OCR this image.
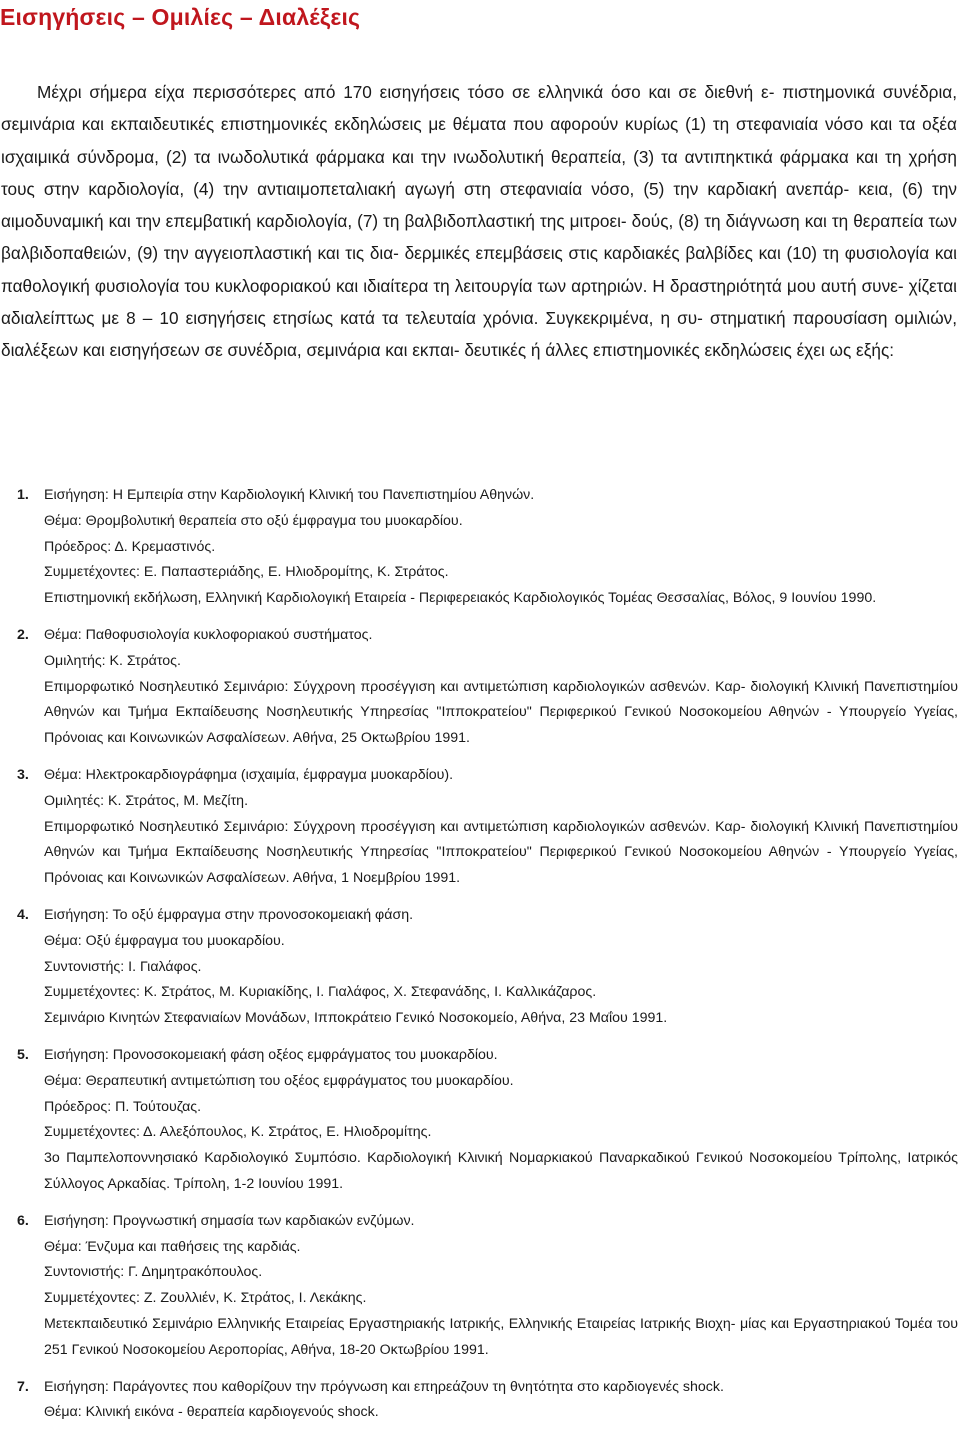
Εισηγήσεις – Ομιλίες – Διαλέξεις

Μέχρι σήμερα είχα περισσότερες από 170 εισηγήσεις τόσο σε ελληνικά όσο και σε διεθνή ε- πιστημονικά συνέδρια, σεμινάρια και εκπαιδευτικές επιστημονικές εκδηλώσεις με θέματα που αφορούν κυρίως (1) τη στεφανιαία νόσο και τα οξέα ισχαιμικά σύνδρομα, (2) τα ινωδολυτικά φάρμακα και την ινωδολυτική θεραπεία, (3) τα αντιπηκτικά φάρμακα και τη χρήση τους στην καρδιολογία, (4) την αντιαιμοπεταλιακή αγωγή στη στεφανιαία νόσο, (5) την καρδιακή ανεπάρ- κεια, (6) την αιμοδυναμική και την επεμβατική καρδιολογία, (7) τη βαλβιδοπλαστική της μιτροει- δούς, (8) τη διάγνωση και τη θεραπεία των βαλβιδοπαθειών, (9) την αγγειοπλαστική και τις δια- δερμικές επεμβάσεις στις καρδιακές βαλβίδες και (10) τη φυσιολογία και παθολογική φυσιολογία του κυκλοφοριακού και ιδιαίτερα τη λειτουργία των αρτηριών. Η δραστηριότητά μου αυτή συνε- χίζεται αδιαλείπτως με 8 – 10 εισηγήσεις ετησίως κατά τα τελευταία χρόνια. Συγκεκριμένα, η συ- στηματική παρουσίαση ομιλιών, διαλέξεων και εισηγήσεων σε συνέδρια, σεμινάρια και εκπαι- δευτικές ή άλλες επιστημονικές εκδηλώσεις έχει ως εξής:

1. Εισήγηση: Η Εμπειρία στην Καρδιολογική Κλινική του Πανεπιστημίου Αθηνών.
Θέμα: Θρομβολυτική θεραπεία στο οξύ έμφραγμα του μυοκαρδίου.
Πρόεδρος: Δ. Κρεμαστινός.
Συμμετέχοντες: Ε. Παπαστεριάδης, Ε. Ηλιοδρομίτης, Κ. Στράτος.
Επιστημονική εκδήλωση, Ελληνική Καρδιολογική Εταιρεία - Περιφερειακός Καρδιολογικός Τομέας Θεσσαλίας, Βόλος, 9 Ιουνίου 1990.
2. Θέμα: Παθοφυσιολογία κυκλοφοριακού συστήματος.
Ομιλητής: Κ. Στράτος.
Επιμορφωτικό Νοσηλευτικό Σεμινάριο: Σύγχρονη προσέγγιση και αντιμετώπιση καρδιολογικών ασθενών. Καρ- διολογική Κλινική Πανεπιστημίου Αθηνών και Τμήμα Εκπαίδευσης Νοσηλευτικής Υπηρεσίας "Ιπποκρατείου" Περιφερικού Γενικού Νοσοκομείου Αθηνών - Υπουργείο Υγείας, Πρόνοιας και Κοινωνικών Ασφαλίσεων. Αθήνα, 25 Οκτωβρίου 1991.
3. Θέμα: Ηλεκτροκαρδιογράφημα (ισχαιμία, έμφραγμα μυοκαρδίου).
Ομιλητές: Κ. Στράτος, Μ. Μεζίτη.
Επιμορφωτικό Νοσηλευτικό Σεμινάριο: Σύγχρονη προσέγγιση και αντιμετώπιση καρδιολογικών ασθενών. Καρ- διολογική Κλινική Πανεπιστημίου Αθηνών και Τμήμα Εκπαίδευσης Νοσηλευτικής Υπηρεσίας "Ιπποκρατείου" Περιφερικού Γενικού Νοσοκομείου Αθηνών - Υπουργείο Υγείας, Πρόνοιας και Κοινωνικών Ασφαλίσεων. Αθήνα, 1 Νοεμβρίου 1991.
4. Εισήγηση: Το οξύ έμφραγμα στην προνοσοκομειακή φάση.
Θέμα: Οξύ έμφραγμα του μυοκαρδίου.
Συντονιστής: Ι. Γιαλάφος.
Συμμετέχοντες: Κ. Στράτος, Μ. Κυριακίδης, Ι. Γιαλάφος, Χ. Στεφανάδης, Ι. Καλλικάζαρος.
Σεμινάριο Κινητών Στεφανιαίων Μονάδων, Ιπποκράτειο Γενικό Νοσοκομείο, Αθήνα, 23 Μαΐου 1991.
5. Εισήγηση: Προνοσοκομειακή φάση οξέος εμφράγματος του μυοκαρδίου.
Θέμα: Θεραπευτική αντιμετώπιση του οξέος εμφράγματος του μυοκαρδίου.
Πρόεδρος: Π. Τούτουζας.
Συμμετέχοντες: Δ. Αλεξόπουλος, Κ. Στράτος, Ε. Ηλιοδρομίτης.
3ο Παμπελοποννησιακό Καρδιολογικό Συμπόσιο. Καρδιολογική Κλινική Νομαρκιακού Παναρκαδικού Γενικού Νοσοκομείου Τρίπολης, Ιατρικός Σύλλογος Αρκαδίας. Τρίπολη, 1-2 Ιουνίου 1991.
6. Εισήγηση: Προγνωστική σημασία των καρδιακών ενζύμων.
Θέμα: Ένζυμα και παθήσεις της καρδιάς.
Συντονιστής: Γ. Δημητρακόπουλος.
Συμμετέχοντες: Ζ. Ζουλλιέν, Κ. Στράτος, Ι. Λεκάκης.
Μετεκπαιδευτικό Σεμινάριο Ελληνικής Εταιρείας Εργαστηριακής Ιατρικής, Ελληνικής Εταιρείας Ιατρικής Βιοχη- μίας και Εργαστηριακού Τομέα του 251 Γενικού Νοσοκομείου Αεροπορίας, Αθήνα, 18-20 Οκτωβρίου 1991.
7. Εισήγηση: Παράγοντες που καθορίζουν την πρόγνωση και επηρεάζουν τη θνητότητα στο καρδιογενές shock.
Θέμα: Κλινική εικόνα - θεραπεία καρδιογενούς shock.
